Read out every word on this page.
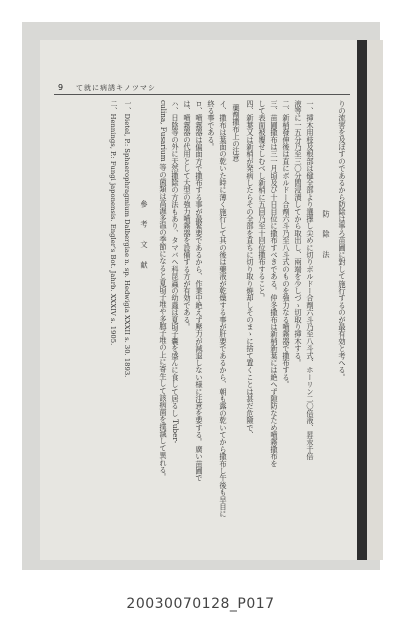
9 て就に病誘キノツマシ
りの流害を及ぼすのであるから防除は寧ろ苗圃に對して施行するのが最有効と考へる。
防　除　法
一、挿木用枝及根部は健全部より選擇し尖めに切りボルドー合劑六斗乃至八斗式、ホーリン二〇倍液、昇汞千倍
液等に一五分乃至三〇分間浸漬してから取出し、兩端を少しづゝ切取り挿木する。
二、新梢發伸後は直にボルドー合劑六斗乃至八斗式のものを強力なる噴霧器で撒布する。
三、苗圃撒布は三一月頃及び十日目位に撒布すべきである。仲冬撒布は新梢新葉には絶へず隙防なため噴霧撒布を
して表面被覆せしむべし新梢に五回乃至十回位撒布すること。
四、新葉又は新梢が発病したらその全部を直ちに切り取り焼却しそのまゝに捨て置くことは甚だ危險で、
藥劑撒布上の注意
イ、撒布は葉面の乾いた時に薄く施行して其の後は藥液が乾燥する事が肝要であるから、朝も露の乾いてから撒布し午後も早目に
終る事である。
ロ、噴霧器は偏面方で撒布する事が最緊要であるから、作業中絶えず壓力が減退しない様に注意を要する。廣い苗圃で
は、噴霧器の代用として大型の強力噴霧器を設備する方が有効である。
ハ、日陰等の外に天然撒除の方法もあり、タマバヘ科昆蟲の幼蟲は夏頃子囊を盛んに食して居るし Tuber-
culina, Fusarium 等の菌類は高濕多温の季節になると夏頃子堆や多胞子堆の上に寄生して該病菌を撲滅して異れる。
參　考　文　献
一、Dietel, P.: Sphaerophragmium Dalbergiae n. sp. Hedwigia XXXII s. 30. 1893.
二、Hennings, P.: Fungi japonensis. Engler's Bot. Jahrb. XXXIV s. 1905.
20030070128_P017
